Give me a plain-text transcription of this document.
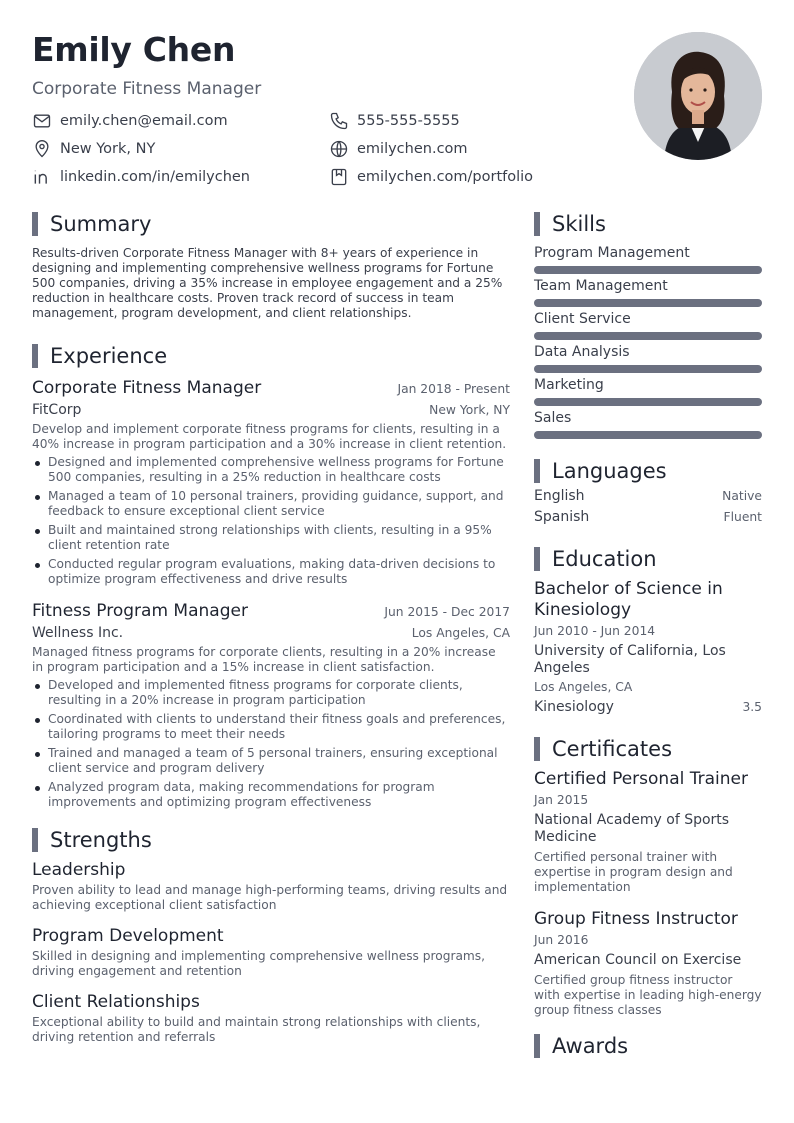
Emily Chen
Corporate Fitness Manager
emily.chen@email.com	555-555-5555
New York, NY	emilychen.com
linkedin.com/in/emilychen	emilychen.com/portfolio
Summary

Results-driven Corporate Fitness Manager with 8+ years of experience in designing and implementing comprehensive wellness programs for Fortune 500 companies, driving a 35% increase in employee engagement and a 25% reduction in healthcare costs. Proven track record of success in team management, program development, and client relationships.

Experience
Corporate Fitness Manager	Jan 2018 - Present
FitCorp	New York, NY
Develop and implement corporate fitness programs for clients, resulting in a 40% increase in program participation and a 30% increase in client retention.
Designed and implemented comprehensive wellness programs for Fortune 500 companies, resulting in a 25% reduction in healthcare costs
Managed a team of 10 personal trainers, providing guidance, support, and feedback to ensure exceptional client service
Built and maintained strong relationships with clients, resulting in a 95% client retention rate
Conducted regular program evaluations, making data-driven decisions to optimize program effectiveness and drive results
Fitness Program Manager	Jun 2015 - Dec 2017
Wellness Inc.	Los Angeles, CA
Managed fitness programs for corporate clients, resulting in a 20% increase in program participation and a 15% increase in client satisfaction.
Developed and implemented fitness programs for corporate clients, resulting in a 20% increase in program participation
Coordinated with clients to understand their fitness goals and preferences, tailoring programs to meet their needs
Trained and managed a team of 5 personal trainers, ensuring exceptional client service and program delivery
Analyzed program data, making recommendations for program improvements and optimizing program effectiveness
Strengths
Leadership
Proven ability to lead and manage high-performing teams, driving results and achieving exceptional client satisfaction
Program Development
Skilled in designing and implementing comprehensive wellness programs, driving engagement and retention
Client Relationships
Exceptional ability to build and maintain strong relationships with clients, driving retention and referrals
Skills
Program Management
Team Management
Client Service
Data Analysis
Marketing
Sales
Languages
English	Native
Spanish	Fluent
Education
Bachelor of Science in Kinesiology
Jun 2010 - Jun 2014
University of California, Los Angeles
Los Angeles, CA
Kinesiology	3.5
Certificates
Certified Personal Trainer
Jan 2015
National Academy of Sports Medicine
Certified personal trainer with expertise in program design and implementation
Group Fitness Instructor
Jun 2016
American Council on Exercise
Certified group fitness instructor with expertise in leading high-energy group fitness classes
Awards
